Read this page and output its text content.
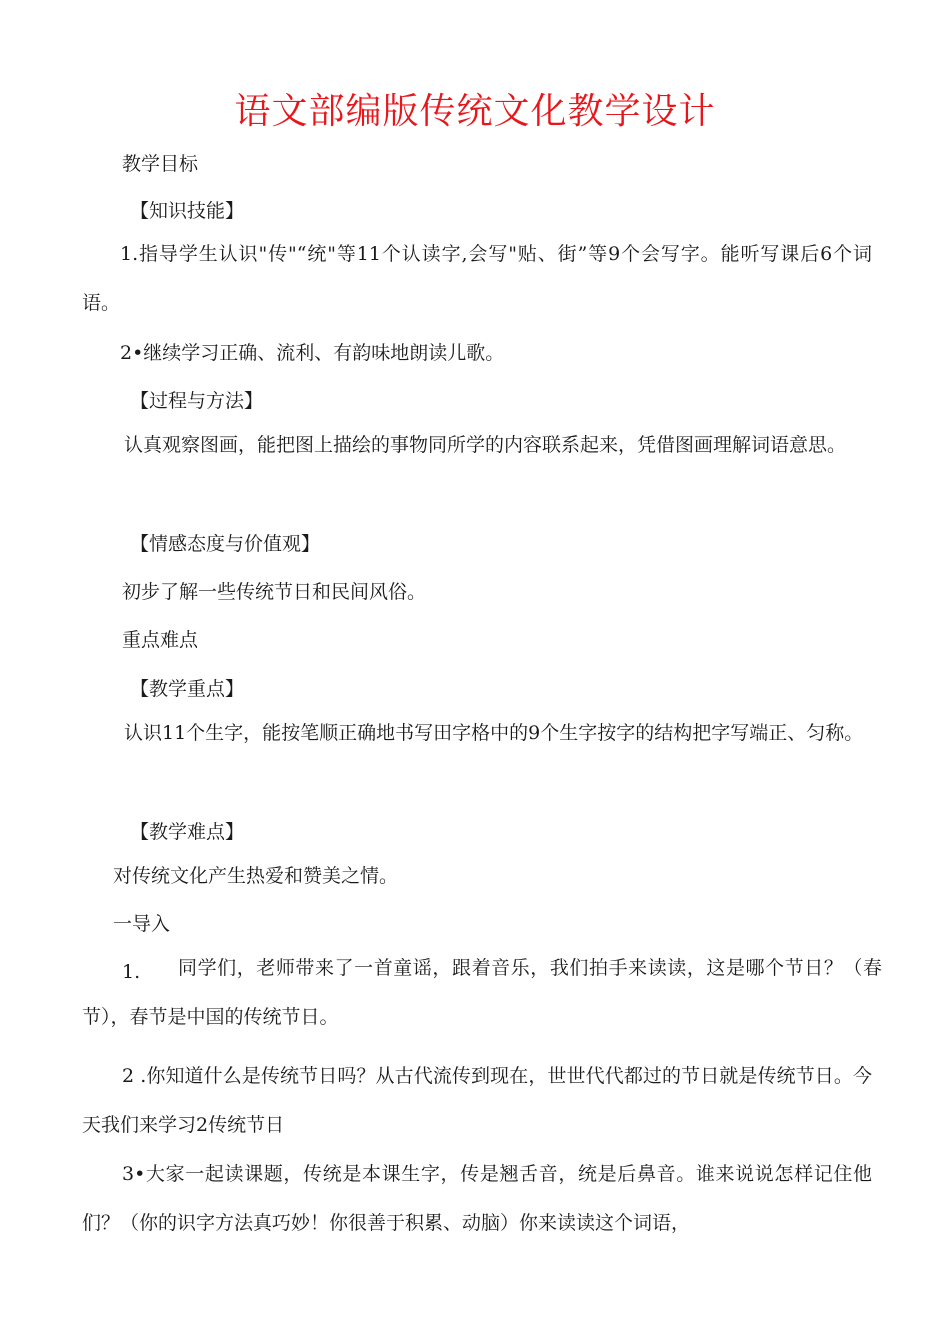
语文部编版传统文化教学设计

教学目标

【知识技能】

1.指导学生认识"传"“统"等11个认读字,会写"贴、街”等9个会写字。能听写课后6个词语。

2•继续学习正确、流利、有韵味地朗读儿歌。

【过程与方法】

认真观察图画，能把图上描绘的事物同所学的内容联系起来，凭借图画理解词语意思。

【情感态度与价值观】

初步了解一些传统节日和民间风俗。

重点难点

【教学重点】

认识11个生字，能按笔顺正确地书写田字格中的9个生字按字的结构把字写端正、匀称。

【教学难点】

对传统文化产生热爱和赞美之情。

一导入

1.	同学们，老师带来了一首童谣，跟着音乐，我们拍手来读读，这是哪个节日？（春节），春节是中国的传统节日。

2 .你知道什么是传统节日吗？从古代流传到现在，世世代代都过的节日就是传统节日。今天我们来学习2传统节日

3•大家一起读课题，传统是本课生字，传是翘舌音，统是后鼻音。谁来说说怎样记住他们？（你的识字方法真巧妙！你很善于积累、动脑）你来读读这个词语，
